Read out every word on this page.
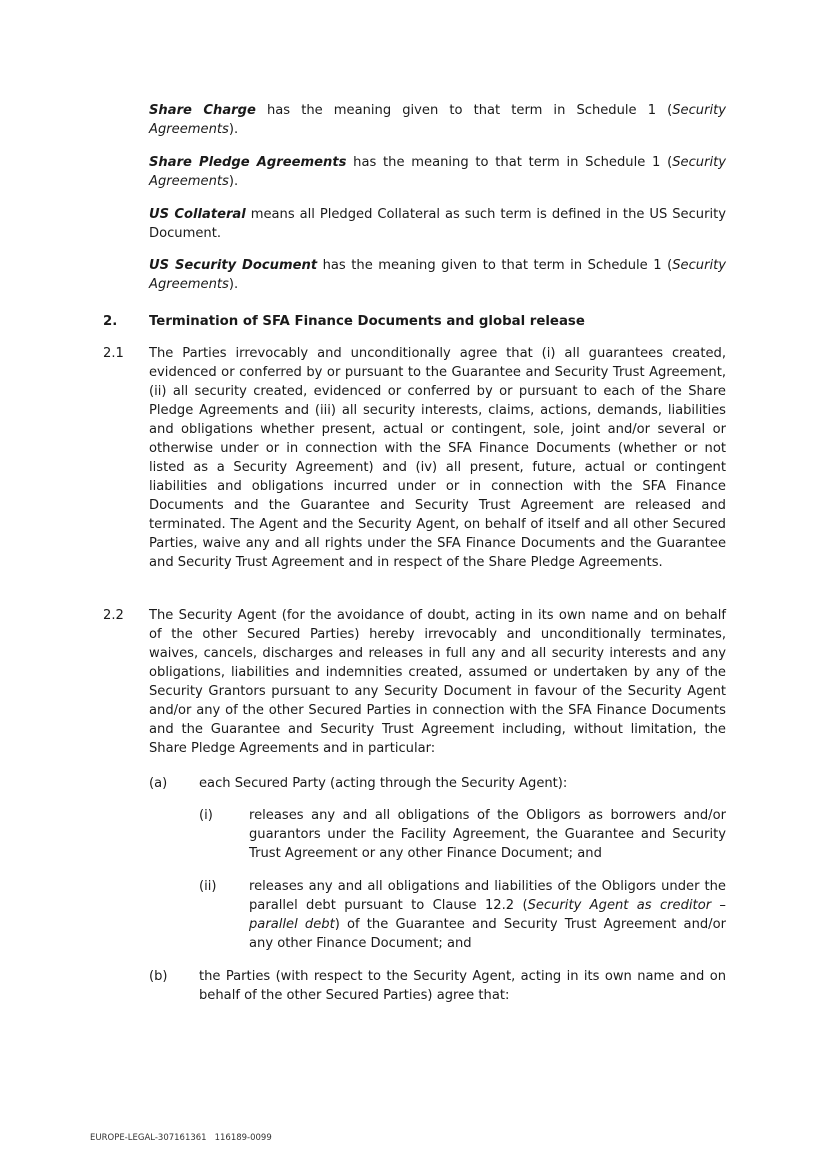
Share Charge has the meaning given to that term in Schedule 1 (Security Agreements).

Share Pledge Agreements has the meaning to that term in Schedule 1 (Security Agreements).

US Collateral means all Pledged Collateral as such term is defined in the US Security Document.

US Security Document has the meaning given to that term in Schedule 1 (Security Agreements).

2. Termination of SFA Finance Documents and global release
2.1 The Parties irrevocably and unconditionally agree that (i) all guarantees created, evidenced or conferred by or pursuant to the Guarantee and Security Trust Agreement, (ii) all security created, evidenced or conferred by or pursuant to each of the Share Pledge Agreements and (iii) all security interests, claims, actions, demands, liabilities and obligations whether present, actual or contingent, sole, joint and/or several or otherwise under or in connection with the SFA Finance Documents (whether or not listed as a Security Agreement) and (iv) all present, future, actual or contingent liabilities and obligations incurred under or in connection with the SFA Finance Documents and the Guarantee and Security Trust Agreement are released and terminated. The Agent and the Security Agent, on behalf of itself and all other Secured Parties, waive any and all rights under the SFA Finance Documents and the Guarantee and Security Trust Agreement and in respect of the Share Pledge Agreements.

2.2 The Security Agent (for the avoidance of doubt, acting in its own name and on behalf of the other Secured Parties) hereby irrevocably and unconditionally terminates, waives, cancels, discharges and releases in full any and all security interests and any obligations, liabilities and indemnities created, assumed or undertaken by any of the Security Grantors pursuant to any Security Document in favour of the Security Agent and/or any of the other Secured Parties in connection with the SFA Finance Documents and the Guarantee and Security Trust Agreement including, without limitation, the Share Pledge Agreements and in particular:

(a) each Secured Party (acting through the Security Agent):

(i)	releases any and all obligations of the Obligors as borrowers and/or guarantors under the Facility Agreement, the Guarantee and Security Trust Agreement or any other Finance Document; and

(ii) releases any and all obligations and liabilities of the Obligors under the parallel debt pursuant to Clause 12.2 (Security Agent as creditor – parallel debt) of the Guarantee and Security Trust Agreement and/or any other Finance Document; and

(b) the Parties (with respect to the Security Agent, acting in its own name and on behalf of the other Secured Parties) agree that:

EUROPE-LEGAL-307161361 116189-0099
